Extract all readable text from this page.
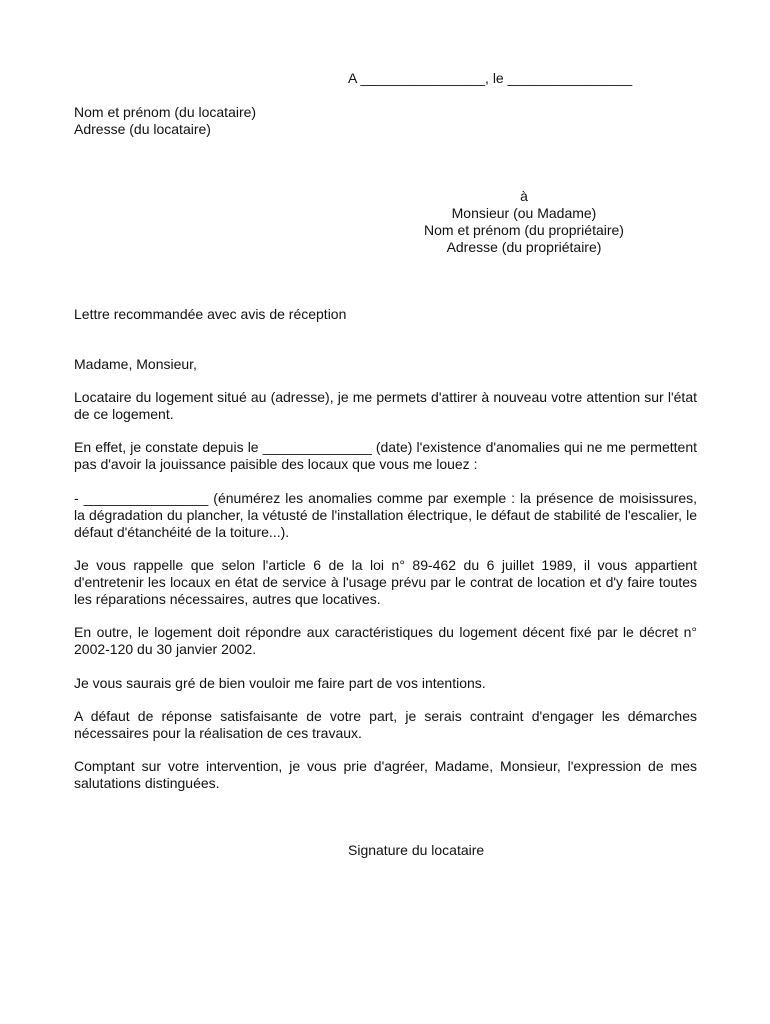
A ________________, le ________________
Nom et prénom (du locataire)
Adresse (du locataire)
à
Monsieur (ou Madame)
Nom et prénom (du propriétaire)
Adresse (du propriétaire)
Lettre recommandée avec avis de réception
Madame, Monsieur,
Locataire du logement situé au (adresse), je me permets d'attirer à nouveau votre attention sur l'état de ce logement.
En effet, je constate depuis le ______________ (date) l'existence d'anomalies qui ne me permettent pas d'avoir la jouissance paisible des locaux que vous me louez :
- ________________ (énumérez les anomalies comme par exemple : la présence de moisissures, la dégradation du plancher, la vétusté de l'installation électrique, le défaut de stabilité de l'escalier, le défaut d'étanchéité de la toiture...).
Je vous rappelle que selon l'article 6 de la loi n° 89-462 du 6 juillet 1989, il vous appartient d'entretenir les locaux en état de service à l'usage prévu par le contrat de location et d'y faire toutes les réparations nécessaires, autres que locatives.
En outre, le logement doit répondre aux caractéristiques du logement décent fixé par le décret n° 2002-120 du 30 janvier 2002.
Je vous saurais gré de bien vouloir me faire part de vos intentions.
A défaut de réponse satisfaisante de votre part, je serais contraint d'engager les démarches nécessaires pour la réalisation de ces travaux.
Comptant sur votre intervention, je vous prie d'agréer, Madame, Monsieur, l'expression de mes salutations distinguées.
Signature du locataire
